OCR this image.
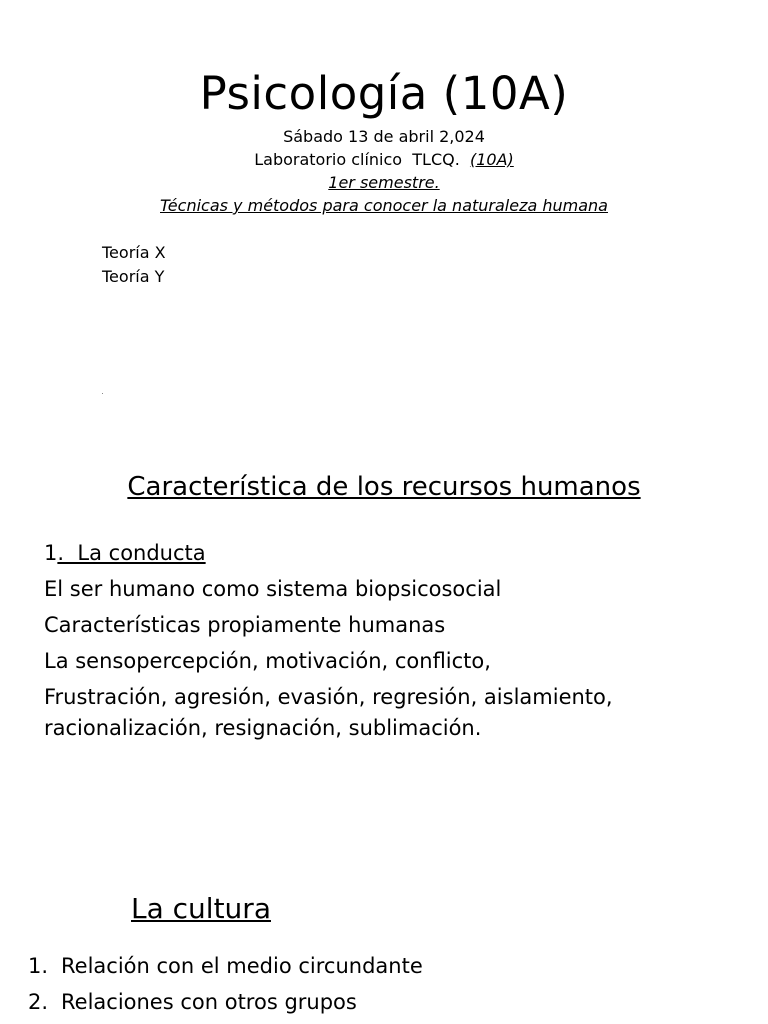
Psicología (10A)
Sábado 13 de abril 2,024
Laboratorio clínico  TLCQ.  (10A)
1er semestre.
Técnicas y métodos para conocer la naturaleza humana
Teoría X
Teoría Y
Característica de los recursos humanos
1.  La conducta
El ser humano como sistema biopsicosocial
Características propiamente humanas
La sensopercepción, motivación, conflicto,
Frustración, agresión, evasión, regresión, aislamiento,
racionalización, resignación, sublimación.
La cultura
1. Relación con el medio circundante
2. Relaciones con otros grupos
